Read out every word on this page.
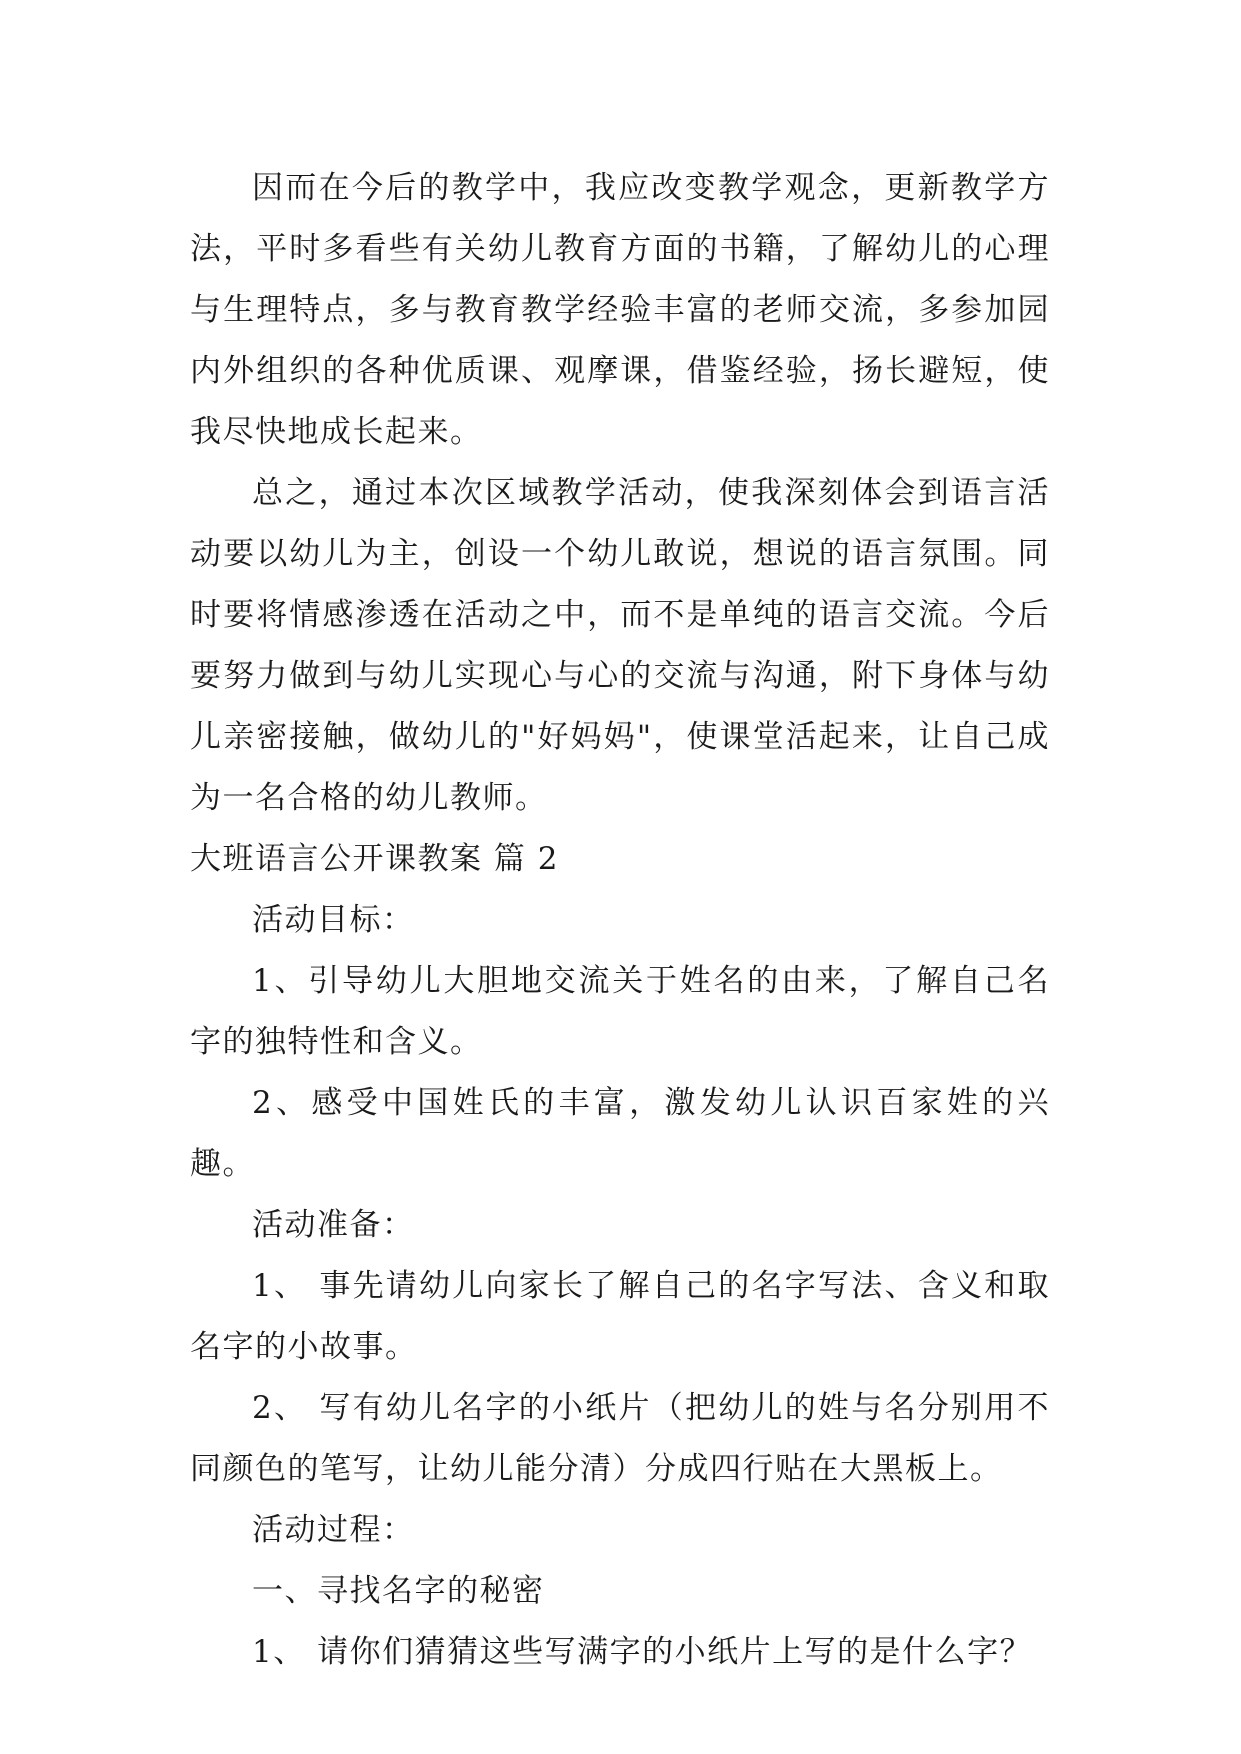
因而在今后的教学中，我应改变教学观念，更新教学方法，平时多看些有关幼儿教育方面的书籍，了解幼儿的心理与生理特点，多与教育教学经验丰富的老师交流，多参加园内外组织的各种优质课、观摩课，借鉴经验，扬长避短，使我尽快地成长起来。

总之，通过本次区域教学活动，使我深刻体会到语言活动要以幼儿为主，创设一个幼儿敢说，想说的语言氛围。同时要将情感渗透在活动之中，而不是单纯的语言交流。今后要努力做到与幼儿实现心与心的交流与沟通，附下身体与幼儿亲密接触，做幼儿的"好妈妈"，使课堂活起来，让自己成为一名合格的幼儿教师。

大班语言公开课教案 篇 2

活动目标：

1、引导幼儿大胆地交流关于姓名的由来，了解自己名字的独特性和含义。

2、感受中国姓氏的丰富，激发幼儿认识百家姓的兴趣。

活动准备：

1、 事先请幼儿向家长了解自己的名字写法、含义和取名字的小故事。

2、 写有幼儿名字的小纸片（把幼儿的姓与名分别用不同颜色的笔写，让幼儿能分清）分成四行贴在大黑板上。

活动过程：

一、寻找名字的秘密

1、 请你们猜猜这些写满字的小纸片上写的是什么字？
